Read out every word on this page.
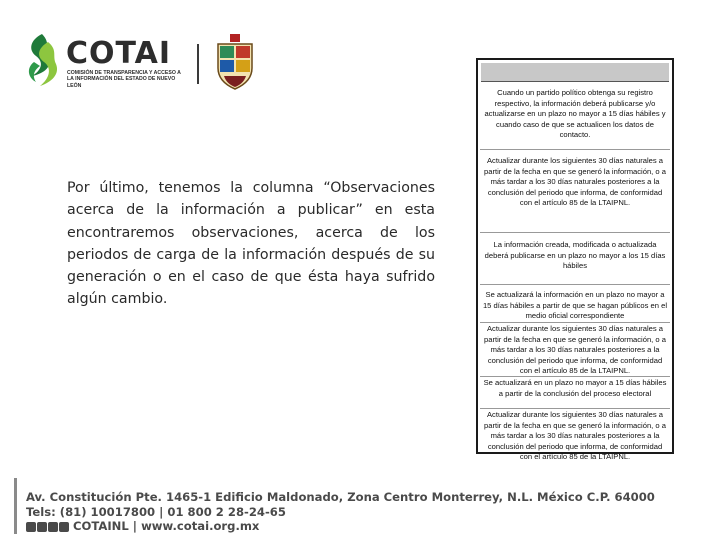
COTAI
COMISIÓN DE TRANSPARENCIA Y ACCESO A LA INFORMACIÓN DEL ESTADO DE NUEVO LEÓN

Por último, tenemos la columna “Observaciones acerca de la información a publicar” en esta encontraremos observaciones, acerca de los periodos de carga de la información después de su generación o en el caso de que ésta haya sufrido algún cambio.

Cuando un partido político obtenga su registro respectivo, la información deberá publicarse y/o actualizarse en un plazo no mayor a 15 días hábiles y cuando caso de que se actualicen los datos de contacto.
Actualizar durante los siguientes 30 días naturales a partir de la fecha en que se generó la información, o a más tardar a los 30 días naturales posteriores a la conclusión del periodo que informa, de conformidad con el artículo 85 de la LTAIPNL.
La información creada, modificada o actualizada deberá publicarse en un plazo no mayor a los 15 días hábiles
Se actualizará la información en un plazo no mayor a 15 días hábiles a partir de que se hagan públicos en el medio oficial correspondiente
Actualizar durante los siguientes 30 días naturales a partir de la fecha en que se generó la información, o a más tardar a los 30 días naturales posteriores a la conclusión del periodo que informa, de conformidad con el artículo 85 de la LTAIPNL.
Se actualizará en un plazo no mayor a 15 días hábiles a partir de la conclusión del proceso electoral
Actualizar durante los siguientes 30 días naturales a partir de la fecha en que se generó la información, o a más tardar a los 30 días naturales posteriores a la conclusión del periodo que informa, de conformidad con el artículo 85 de la LTAIPNL.
Av. Constitución Pte. 1465-1 Edificio Maldonado, Zona Centro Monterrey, N.L. México C.P. 64000
Tels: (81) 10017800 | 01 800 2 28-24-65
COTAINL | www.cotai.org.mx
